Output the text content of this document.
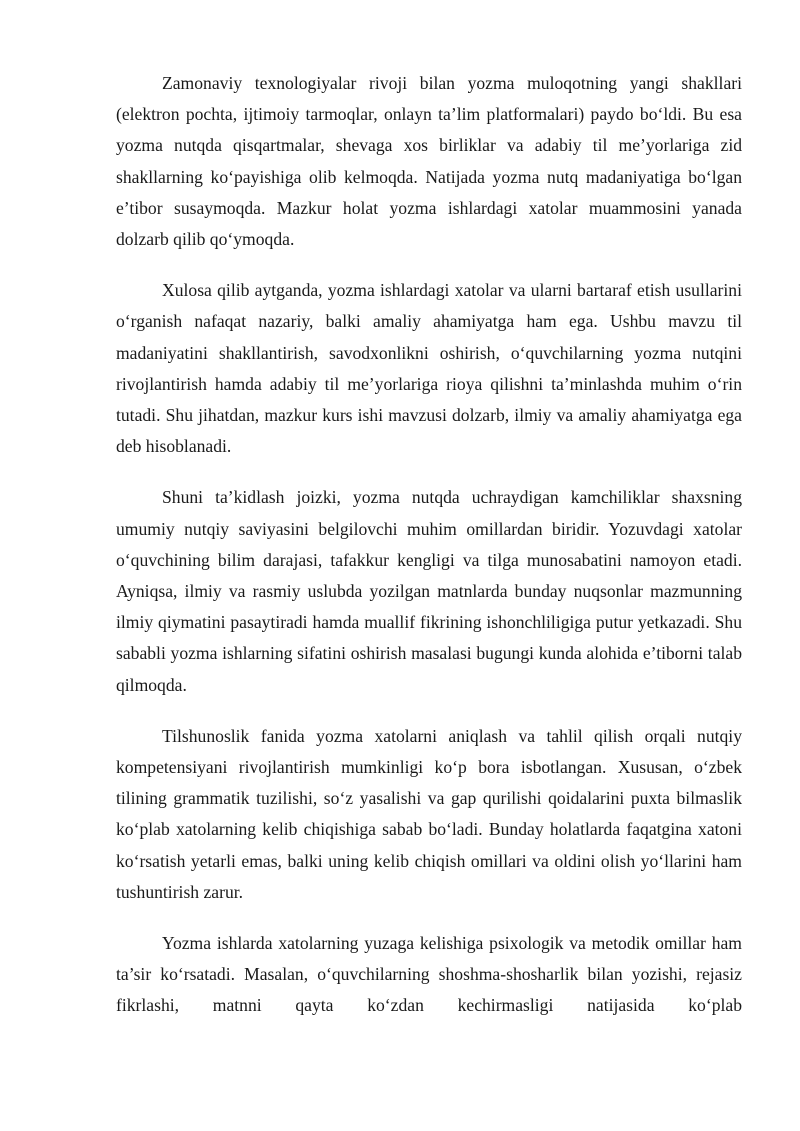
Zamonaviy texnologiyalar rivoji bilan yozma muloqotning yangi shakllari (elektron pochta, ijtimoiy tarmoqlar, onlayn ta’lim platformalari) paydo bo‘ldi. Bu esa yozma nutqda qisqartmalar, shevaga xos birliklar va adabiy til me’yorlariga zid shakllarning ko‘payishiga olib kelmoqda. Natijada yozma nutq madaniyatiga bo‘lgan e’tibor susaymoqda. Mazkur holat yozma ishlardagi xatolar muammosini yanada dolzarb qilib qo‘ymoqda.

Xulosa qilib aytganda, yozma ishlardagi xatolar va ularni bartaraf etish usullarini o‘rganish nafaqat nazariy, balki amaliy ahamiyatga ham ega. Ushbu mavzu til madaniyatini shakllantirish, savodxonlikni oshirish, o‘quvchilarning yozma nutqini rivojlantirish hamda adabiy til me’yorlariga rioya qilishni ta’minlashda muhim o‘rin tutadi. Shu jihatdan, mazkur kurs ishi mavzusi dolzarb, ilmiy va amaliy ahamiyatga ega deb hisoblanadi.

Shuni ta’kidlash joizki, yozma nutqda uchraydigan kamchiliklar shaxsning umumiy nutqiy saviyasini belgilovchi muhim omillardan biridir. Yozuvdagi xatolar o‘quvchining bilim darajasi, tafakkur kengligi va tilga munosabatini namoyon etadi. Ayniqsa, ilmiy va rasmiy uslubda yozilgan matnlarda bunday nuqsonlar mazmunning ilmiy qiymatini pasaytiradi hamda muallif fikrining ishonchliligiga putur yetkazadi. Shu sababli yozma ishlarning sifatini oshirish masalasi bugungi kunda alohida e’tiborni talab qilmoqda.

Tilshunoslik fanida yozma xatolarni aniqlash va tahlil qilish orqali nutqiy kompetensiyani rivojlantirish mumkinligi ko‘p bora isbotlangan. Xususan, o‘zbek tilining grammatik tuzilishi, so‘z yasalishi va gap qurilishi qoidalarini puxta bilmaslik ko‘plab xatolarning kelib chiqishiga sabab bo‘ladi. Bunday holatlarda faqatgina xatoni ko‘rsatish yetarli emas, balki uning kelib chiqish omillari va oldini olish yo‘llarini ham tushuntirish zarur.

Yozma ishlarda xatolarning yuzaga kelishiga psixologik va metodik omillar ham ta’sir ko‘rsatadi. Masalan, o‘quvchilarning shoshma-shosharlik bilan yozishi, rejasiz fikrlashi, matnni qayta ko‘zdan kechirmasligi natijasida ko‘plab
